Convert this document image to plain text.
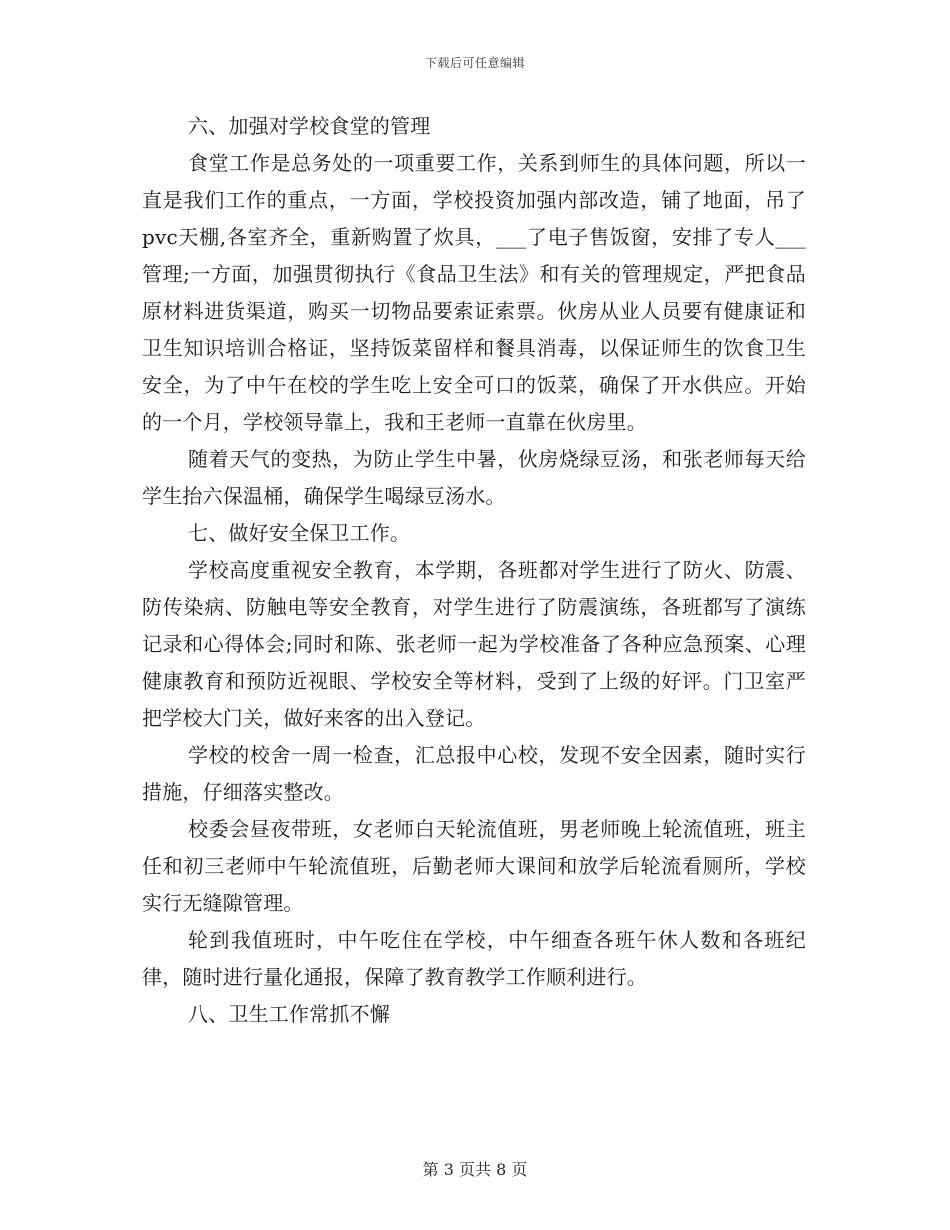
下载后可任意编辑

六、加强对学校食堂的管理

食堂工作是总务处的一项重要工作，关系到师生的具体问题，所以一直是我们工作的重点，一方面，学校投资加强内部改造，铺了地面，吊了pvc天棚,各室齐全，重新购置了炊具，___了电子售饭窗，安排了专人___管理;一方面，加强贯彻执行《食品卫生法》和有关的管理规定，严把食品原材料进货渠道，购买一切物品要索证索票。伙房从业人员要有健康证和卫生知识培训合格证，坚持饭菜留样和餐具消毒，以保证师生的饮食卫生安全，为了中午在校的学生吃上安全可口的饭菜，确保了开水供应。开始的一个月，学校领导靠上，我和王老师一直靠在伙房里。

随着天气的变热，为防止学生中暑，伙房烧绿豆汤，和张老师每天给学生抬六保温桶，确保学生喝绿豆汤水。

七、做好安全保卫工作。

学校高度重视安全教育，本学期，各班都对学生进行了防火、防震、防传染病、防触电等安全教育，对学生进行了防震演练，各班都写了演练记录和心得体会;同时和陈、张老师一起为学校准备了各种应急预案、心理健康教育和预防近视眼、学校安全等材料，受到了上级的好评。门卫室严把学校大门关，做好来客的出入登记。

学校的校舍一周一检查，汇总报中心校，发现不安全因素，随时实行措施，仔细落实整改。

校委会昼夜带班，女老师白天轮流值班，男老师晚上轮流值班，班主任和初三老师中午轮流值班，后勤老师大课间和放学后轮流看厕所，学校实行无缝隙管理。

轮到我值班时，中午吃住在学校，中午细查各班午休人数和各班纪律，随时进行量化通报，保障了教育教学工作顺利进行。

八、卫生工作常抓不懈

第 3 页共 8 页
